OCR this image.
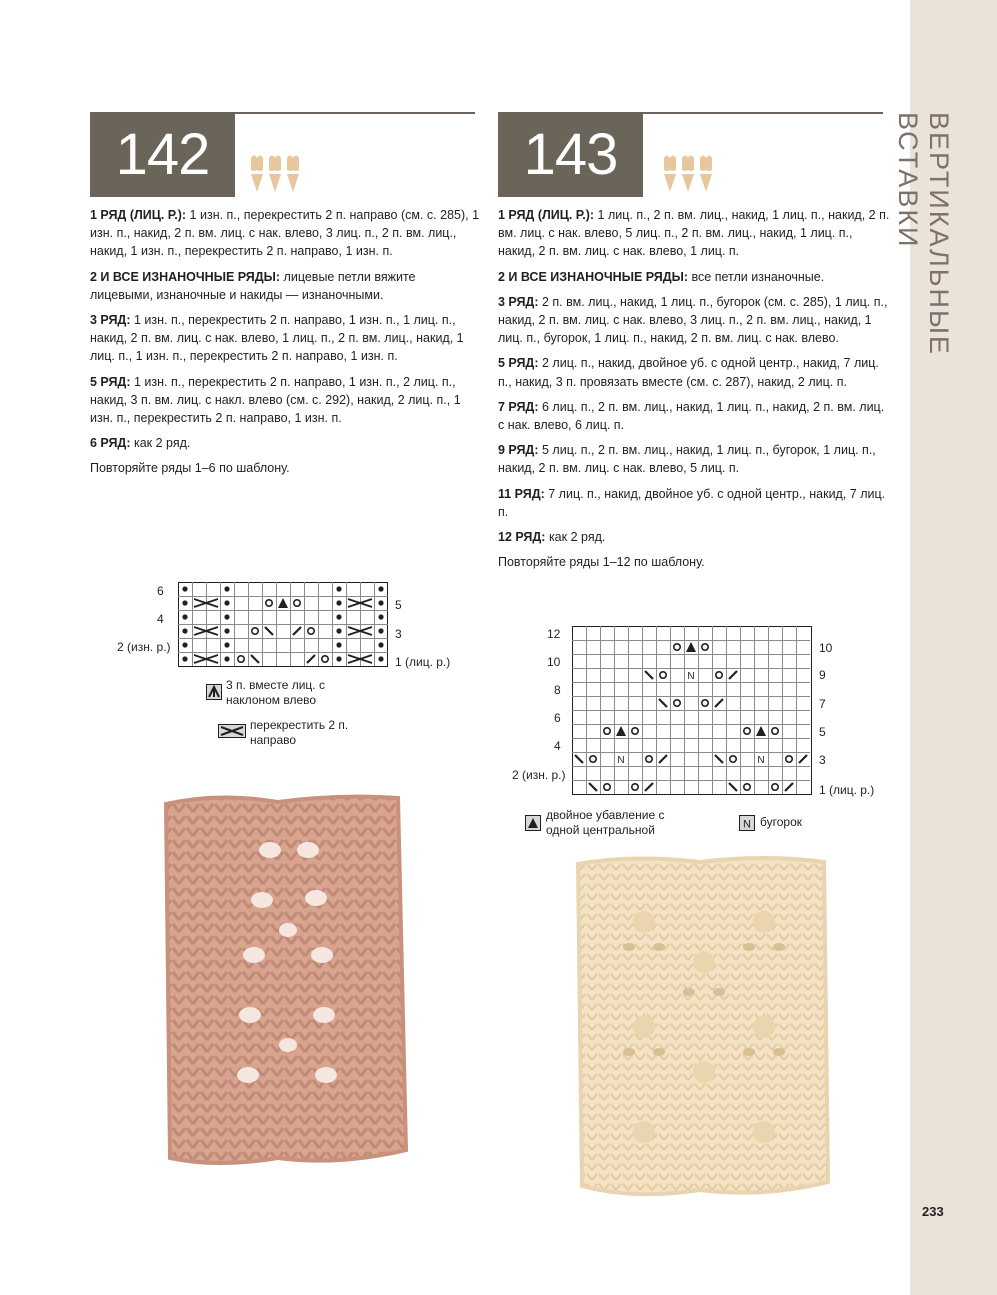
ВЕРТИКАЛЬНЫЕ ВСТАВКИ
233
142

1 РЯД (ЛИЦ. Р.): 1 изн. п., перекрестить 2 п. направо (см. с. 285), 1 изн. п., накид, 2 п. вм. лиц. с нак. влево, 3 лиц. п., 2 п. вм. лиц., накид, 1 изн. п., перекрестить 2 п. направо, 1 изн. п.

2 И ВСЕ ИЗНАНОЧНЫЕ РЯДЫ: лицевые петли вяжите лицевыми, изнаночные и накиды — изнаночными.

3 РЯД: 1 изн. п., перекрестить 2 п. направо, 1 изн. п., 1 лиц. п., накид, 2 п. вм. лиц. с нак. влево, 1 лиц. п., 2 п. вм. лиц., накид, 1 лиц. п., 1 изн. п., перекрестить 2 п. направо, 1 изн. п.

5 РЯД: 1 изн. п., перекрестить 2 п. направо, 1 изн. п., 2 лиц. п., накид, 3 п. вм. лиц. с накл. влево (см. с. 292), накид, 2 лиц. п., 1 изн. п., перекрестить 2 п. направо, 1 изн. п.

6 РЯД: как 2 ряд.

Повторяйте ряды 1–6 по шаблону.

6
4
2 (изн. р.)
5
3
1 (лиц. р.)
3 п. вместе лиц. с наклоном влево
перекрестить 2 п. направо
143

1 РЯД (ЛИЦ. Р.): 1 лиц. п., 2 п. вм. лиц., накид, 1 лиц. п., накид, 2 п. вм. лиц. с нак. влево, 5 лиц. п., 2 п. вм. лиц., накид, 1 лиц. п., накид, 2 п. вм. лиц. с нак. влево, 1 лиц. п.

2 И ВСЕ ИЗНАНОЧНЫЕ РЯДЫ: все петли изнаночные.

3 РЯД: 2 п. вм. лиц., накид, 1 лиц. п., бугорок (см. с. 285), 1 лиц. п., накид, 2 п. вм. лиц. с нак. влево, 3 лиц. п., 2 п. вм. лиц., накид, 1 лиц. п., бугорок, 1 лиц. п., накид, 2 п. вм. лиц. с нак. влево.

5 РЯД: 2 лиц. п., накид, двойное уб. с одной центр., накид, 7 лиц. п., накид, 3 п. провязать вместе (см. с. 287), накид, 2 лиц. п.

7 РЯД: 6 лиц. п., 2 п. вм. лиц., накид, 1 лиц. п., накид, 2 п. вм. лиц. с нак. влево, 6 лиц. п.

9 РЯД: 5 лиц. п., 2 п. вм. лиц., накид, 1 лиц. п., бугорок, 1 лиц. п., накид, 2 п. вм. лиц. с нак. влево, 5 лиц. п.

11 РЯД: 7 лиц. п., накид, двойное уб. с одной центр., накид, 7 лиц. п.

12 РЯД: как 2 ряд.

Повторяйте ряды 1–12 по шаблону.

N
N	N
12
10
8
6
4
2 (изн. р.)
10
9
7
5
3
1 (лиц. р.)
двойное убавление с одной центральной	N бугорок
